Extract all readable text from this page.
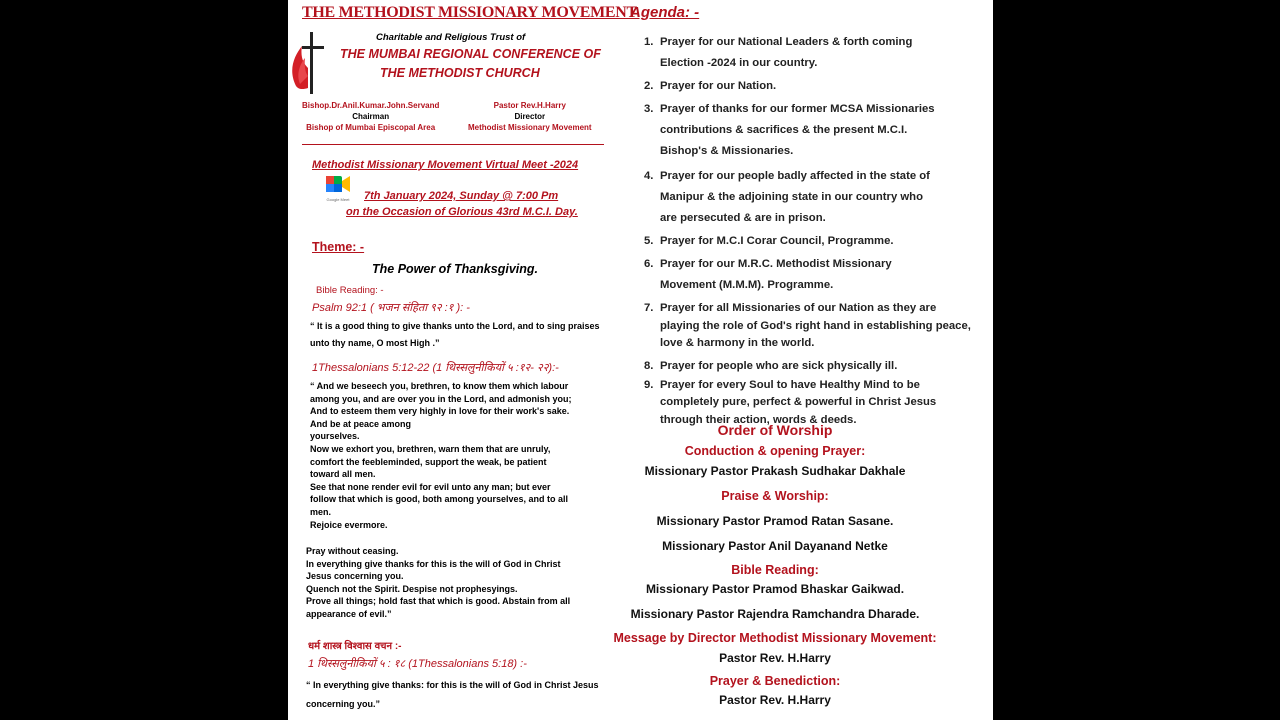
THE METHODIST MISSIONARY MOVEMENT
Charitable and Religious Trust of
THE MUMBAI REGIONAL CONFERENCE OF
THE METHODIST CHURCH
Bishop.Dr.Anil.Kumar.John.Servand
Chairman
Bishop of Mumbai Episcopal Area
Pastor Rev.H.Harry
Director
Methodist Missionary Movement
Methodist Missionary Movement Virtual Meet -2024
Google Meet 7th January 2024, Sunday @ 7:00 Pm
on the Occasion of Glorious 43rd M.C.I. Day.
Theme: -
The Power of Thanksgiving.
Bible Reading: -
Psalm 92:1 ( भजन संहिता ९२ :१ ): -
“ It is a good thing to give thanks unto the Lord, and to sing praises unto thy name, O most High .”
1Thessalonians 5:12-22 (1 थिस्सलुनीकियों ५ :१२- २२):-
“ And we beseech you, brethren, to know them which labour
among you, and are over you in the Lord, and admonish you;
And to esteem them very highly in love for their work's sake.
And be at peace among
yourselves.
Now we exhort you, brethren, warn them that are unruly,
comfort the feebleminded, support the weak, be patient
toward all men.
See that none render evil for evil unto any man; but ever
follow that which is good, both among yourselves, and to all
men.
Rejoice evermore.
Pray without ceasing.
In everything give thanks for this is the will of God in Christ
Jesus concerning you.
Quench not the Spirit. Despise not prophesyings.
Prove all things; hold fast that which is good. Abstain from all
appearance of evil.”
धर्म शास्त्र विश्वास वचन :-
1 थिस्सलुनीकियों ५ : १८ (1Thessalonians 5:18) :-
“ In everything give thanks: for this is the will of God in Christ Jesus concerning you.”
Agenda: -
1. Prayer for our National Leaders & forth coming
Election -2024 in our country.
2. Prayer for our Nation.
3. Prayer of thanks for our former MCSA Missionaries
contributions & sacrifices & the present M.C.I.
Bishop's & Missionaries.
4. Prayer for our people badly affected in the state of
Manipur & the adjoining state in our country who
are persecuted & are in prison.
5. Prayer for M.C.I Corar Council, Programme.
6. Prayer for our M.R.C. Methodist Missionary
Movement (M.M.M). Programme.
7. Prayer for all Missionaries of our Nation as they are
playing the role of God's right hand in establishing peace,
love & harmony in the world.
8. Prayer for people who are sick physically ill.
9. Prayer for every Soul to have Healthy Mind to be
completely pure, perfect & powerful in Christ Jesus
through their action, words & deeds.
Order of Worship
Conduction & opening Prayer:
Missionary Pastor Prakash Sudhakar Dakhale
Praise & Worship:
Missionary Pastor Pramod Ratan Sasane.
Missionary Pastor Anil Dayanand Netke
Bible Reading:
Missionary Pastor Pramod Bhaskar Gaikwad.
Missionary Pastor Rajendra Ramchandra Dharade.
Message by Director Methodist Missionary Movement:
Pastor Rev. H.Harry
Prayer & Benediction:
Pastor Rev. H.Harry
